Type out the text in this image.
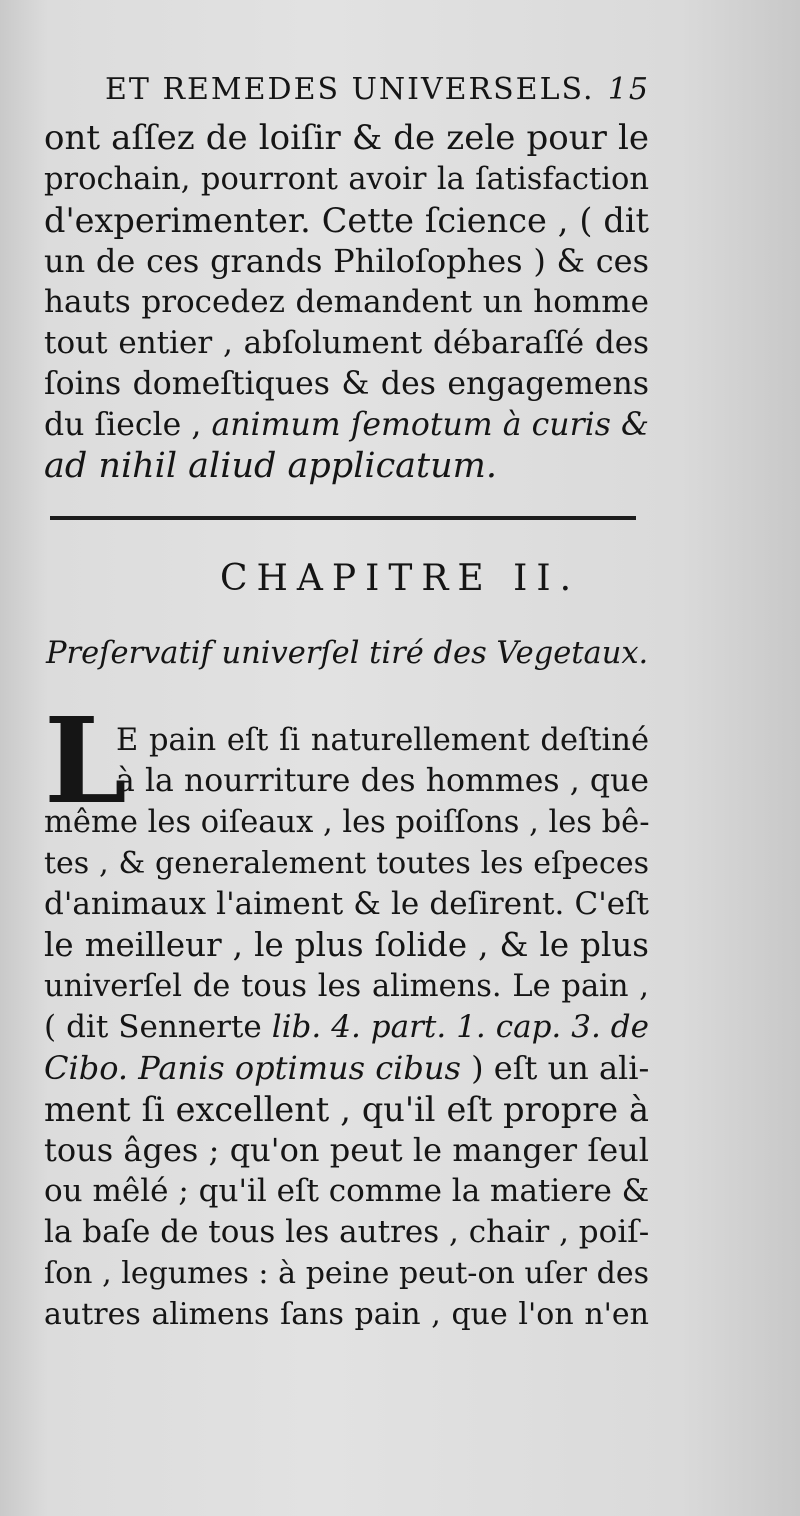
ET REMEDES UNIVERSELS. 15
ont aſſez de loiſir & de zele pour le
prochain, pourront avoir la ſatisfaction
d'experimenter. Cette ſcience , ( dit
un de ces grands Philoſophes ) & ces
hauts procedez demandent un homme
tout entier , abſolument débaraſſé des
ſoins domeſtiques & des engagemens
du ſiecle , animum ſemotum à curis &
ad nihil aliud applicatum.
CHAPITRE II.
Preſervatif univerſel tiré des Vegetaux.
L
E pain eſt ſi naturellement deſtiné
à la nourriture des hommes , que
même les oiſeaux , les poiſſons , les bê-
tes , & generalement toutes les eſpeces
d'animaux l'aiment & le deſirent. C'eſt
le meilleur , le plus ſolide , & le plus
univerſel de tous les alimens. Le pain ,
( dit Sennerte lib. 4. part. 1. cap. 3. de
Cibo. Panis optimus cibus ) eſt un ali-
ment ſi excellent , qu'il eſt propre à
tous âges ; qu'on peut le manger ſeul
ou mêlé ; qu'il eſt comme la matiere &
la baſe de tous les autres , chair , poiſ-
ſon , legumes : à peine peut-on uſer des
autres alimens ſans pain , que l'on n'en
